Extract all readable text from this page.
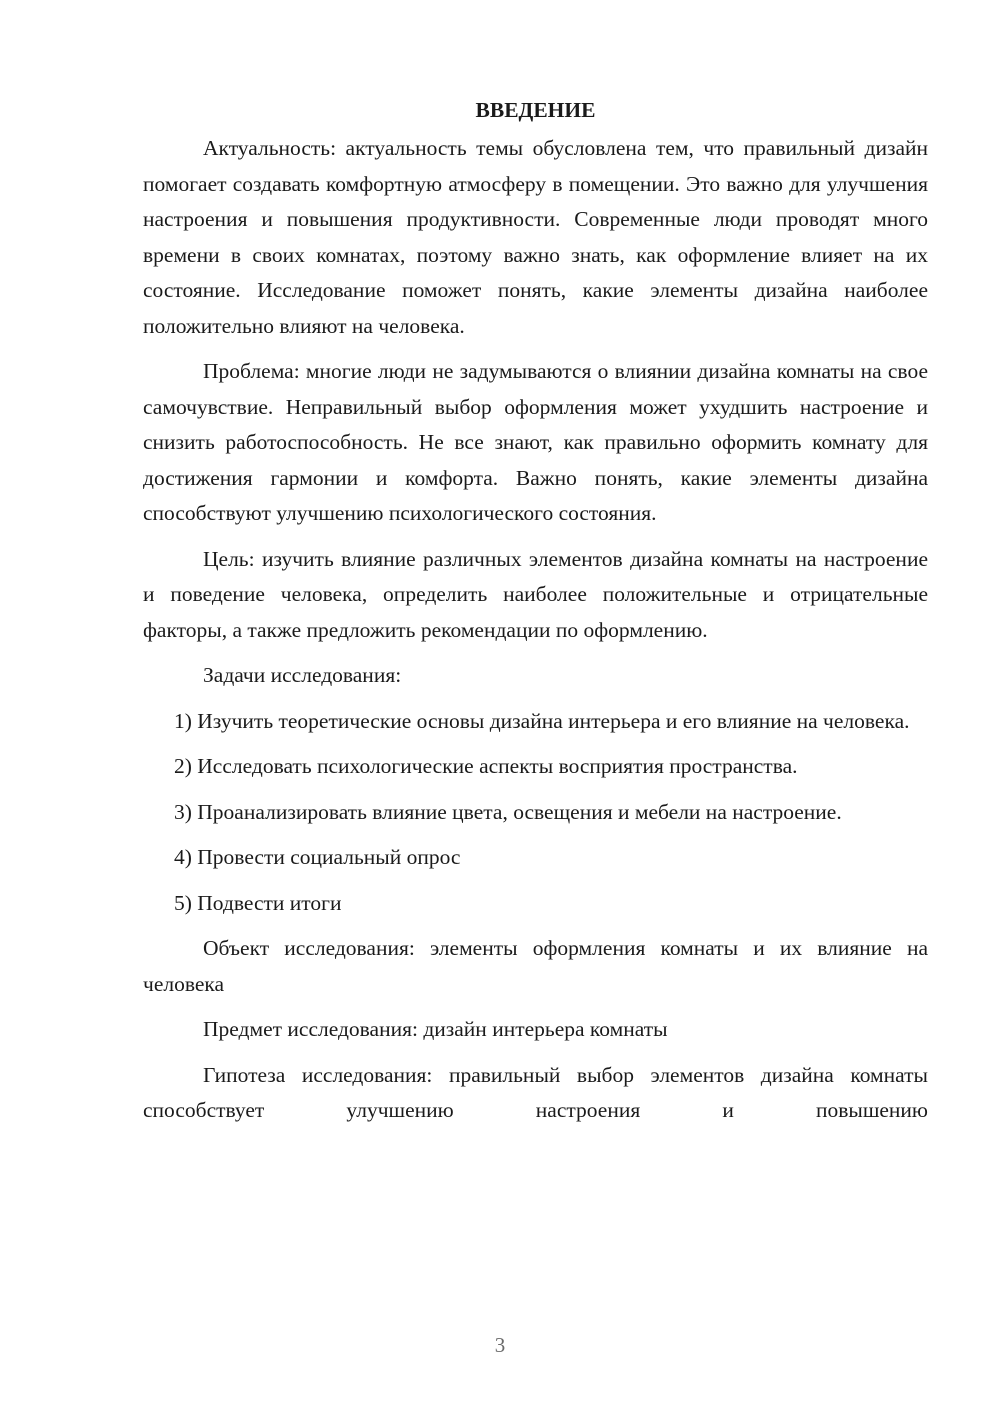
ВВЕДЕНИЕ

Актуальность: актуальность темы обусловлена тем, что правильный дизайн помогает создавать комфортную атмосферу в помещении. Это важно для улучшения настроения и повышения продуктивности. Современные люди проводят много времени в своих комнатах, поэтому важно знать, как оформление влияет на их состояние. Исследование поможет понять, какие элементы дизайна наиболее положительно влияют на человека.

Проблема: многие люди не задумываются о влиянии дизайна комнаты на свое самочувствие. Неправильный выбор оформления может ухудшить настроение и снизить работоспособность. Не все знают, как правильно оформить комнату для достижения гармонии и комфорта. Важно понять, какие элементы дизайна способствуют улучшению психологического состояния.

Цель: изучить влияние различных элементов дизайна комнаты на настроение и поведение человека, определить наиболее положительные и отрицательные факторы, а также предложить рекомендации по оформлению.

Задачи исследования:

1) Изучить теоретические основы дизайна интерьера и его влияние на человека.

2) Исследовать психологические аспекты восприятия пространства.

3) Проанализировать влияние цвета, освещения и мебели на настроение.

4) Провести социальный опрос

5) Подвести итоги

Объект исследования: элементы оформления комнаты и их влияние на человека

Предмет исследования: дизайн интерьера комнаты

Гипотеза исследования: правильный выбор элементов дизайна комнаты способствует улучшению настроения и повышению

3
